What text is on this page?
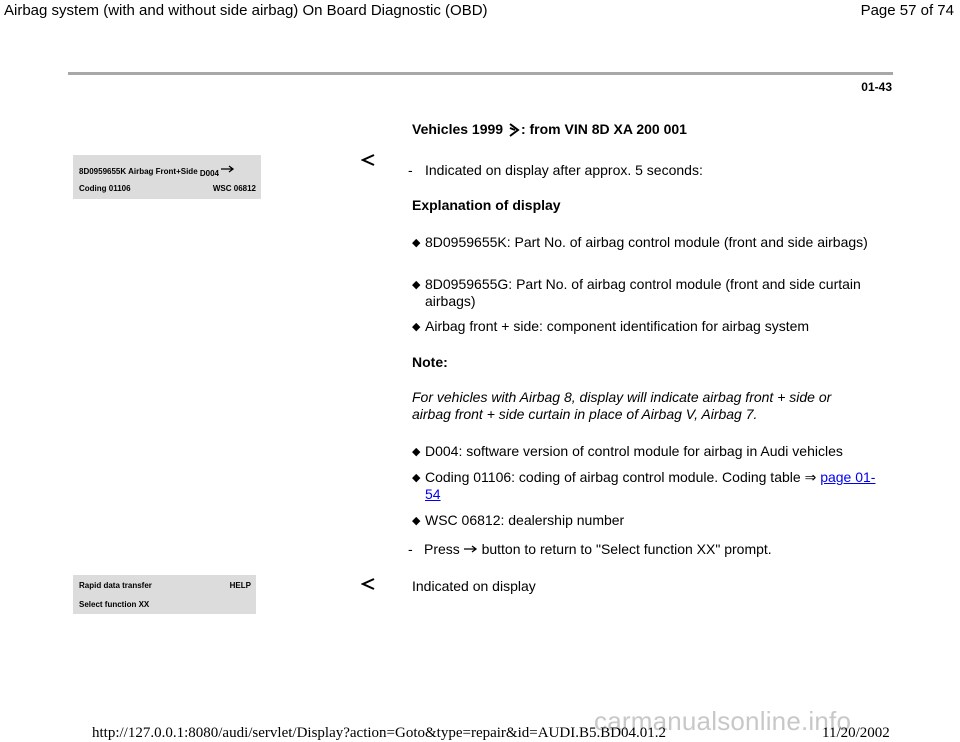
Airbag system (with and without side airbag) On Board Diagnostic (OBD)	Page 57 of 74
01-43
Vehicles 1999 : from VIN 8D XA 200 001
8D0959655K Airbag Front+Side D004
Coding 01106	WSC 06812
- Indicated on display after approx. 5 seconds:
Explanation of display
◆ 8D0959655K: Part No. of airbag control module (front and side airbags)
◆ 8D0959655G: Part No. of airbag control module (front and side curtain airbags)
◆ Airbag front + side: component identification for airbag system
Note:
For vehicles with Airbag 8, display will indicate airbag front + side or airbag front + side curtain in place of Airbag V, Airbag 7.
◆ D004: software version of control module for airbag in Audi vehicles
◆ Coding 01106: coding of airbag control module. Coding table ⇒ page 01-54
◆ WSC 06812: dealership number
- Press button to return to "Select function XX" prompt.
Rapid data transfer	HELP
Select function XX
Indicated on display
carmanualsonline.info
http://127.0.0.1:8080/audi/servlet/Display?action=Goto&type=repair&id=AUDI.B5.BD04.01.2	11/20/2002
